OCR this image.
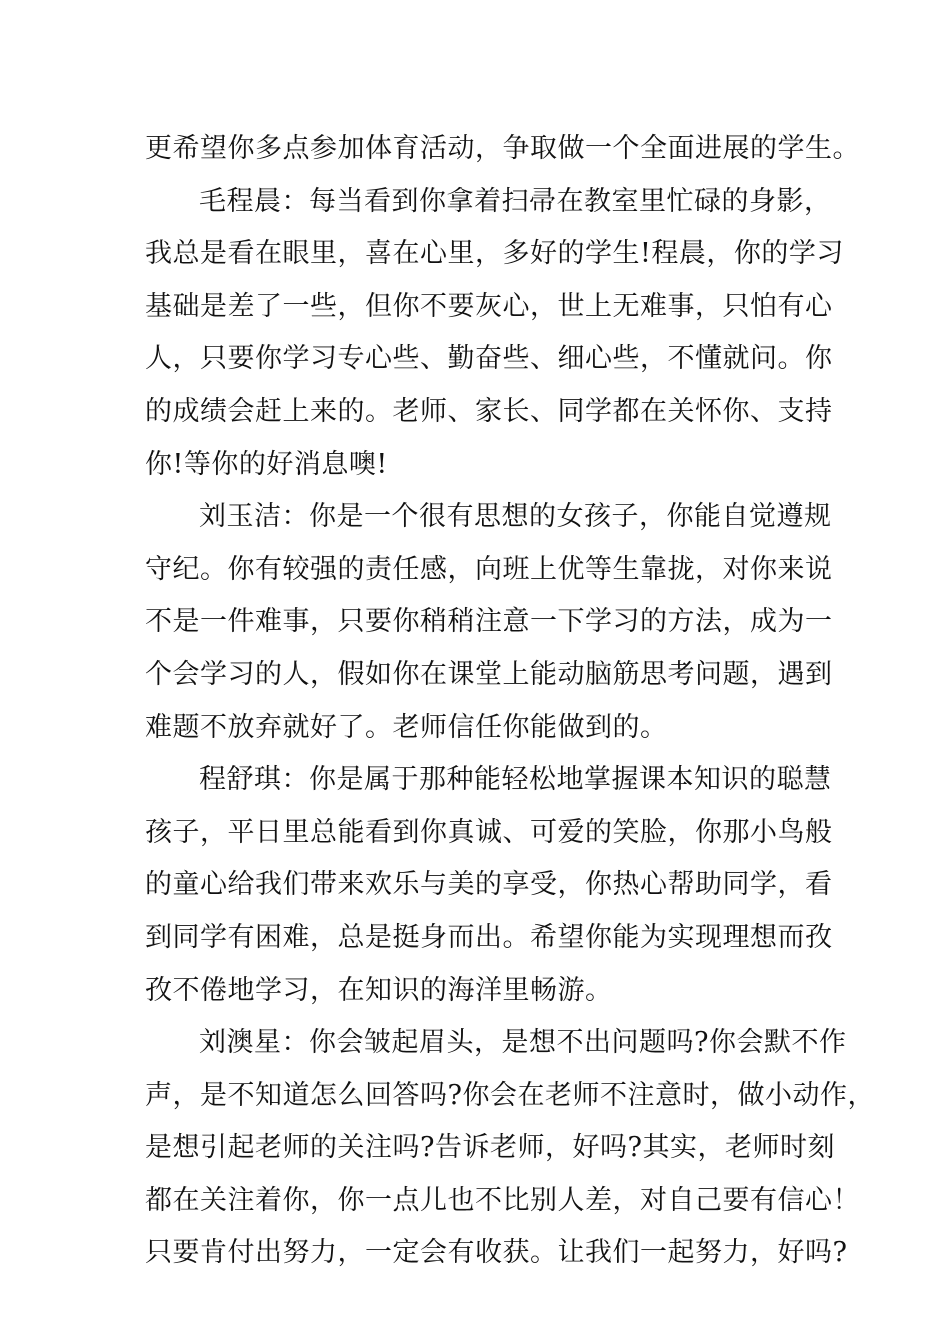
更希望你多点参加体育活动，争取做一个全面进展的学生。
毛程晨：每当看到你拿着扫帚在教室里忙碌的身影，
我总是看在眼里，喜在心里，多好的学生!程晨，你的学习
基础是差了一些，但你不要灰心，世上无难事，只怕有心
人，只要你学习专心些、勤奋些、细心些，不懂就问。你
的成绩会赶上来的。老师、家长、同学都在关怀你、支持
你!等你的好消息噢!
刘玉洁：你是一个很有思想的女孩子，你能自觉遵规
守纪。你有较强的责任感，向班上优等生靠拢，对你来说
不是一件难事，只要你稍稍注意一下学习的方法，成为一
个会学习的人，假如你在课堂上能动脑筋思考问题，遇到
难题不放弃就好了。老师信任你能做到的。
程舒琪：你是属于那种能轻松地掌握课本知识的聪慧
孩子，平日里总能看到你真诚、可爱的笑脸，你那小鸟般
的童心给我们带来欢乐与美的享受，你热心帮助同学，看
到同学有困难，总是挺身而出。希望你能为实现理想而孜
孜不倦地学习，在知识的海洋里畅游。
刘澳星：你会皱起眉头，是想不出问题吗?你会默不作
声，是不知道怎么回答吗?你会在老师不注意时，做小动作，
是想引起老师的关注吗?告诉老师，好吗?其实，老师时刻
都在关注着你，你一点儿也不比别人差，对自己要有信心！
只要肯付出努力，一定会有收获。让我们一起努力，好吗?
